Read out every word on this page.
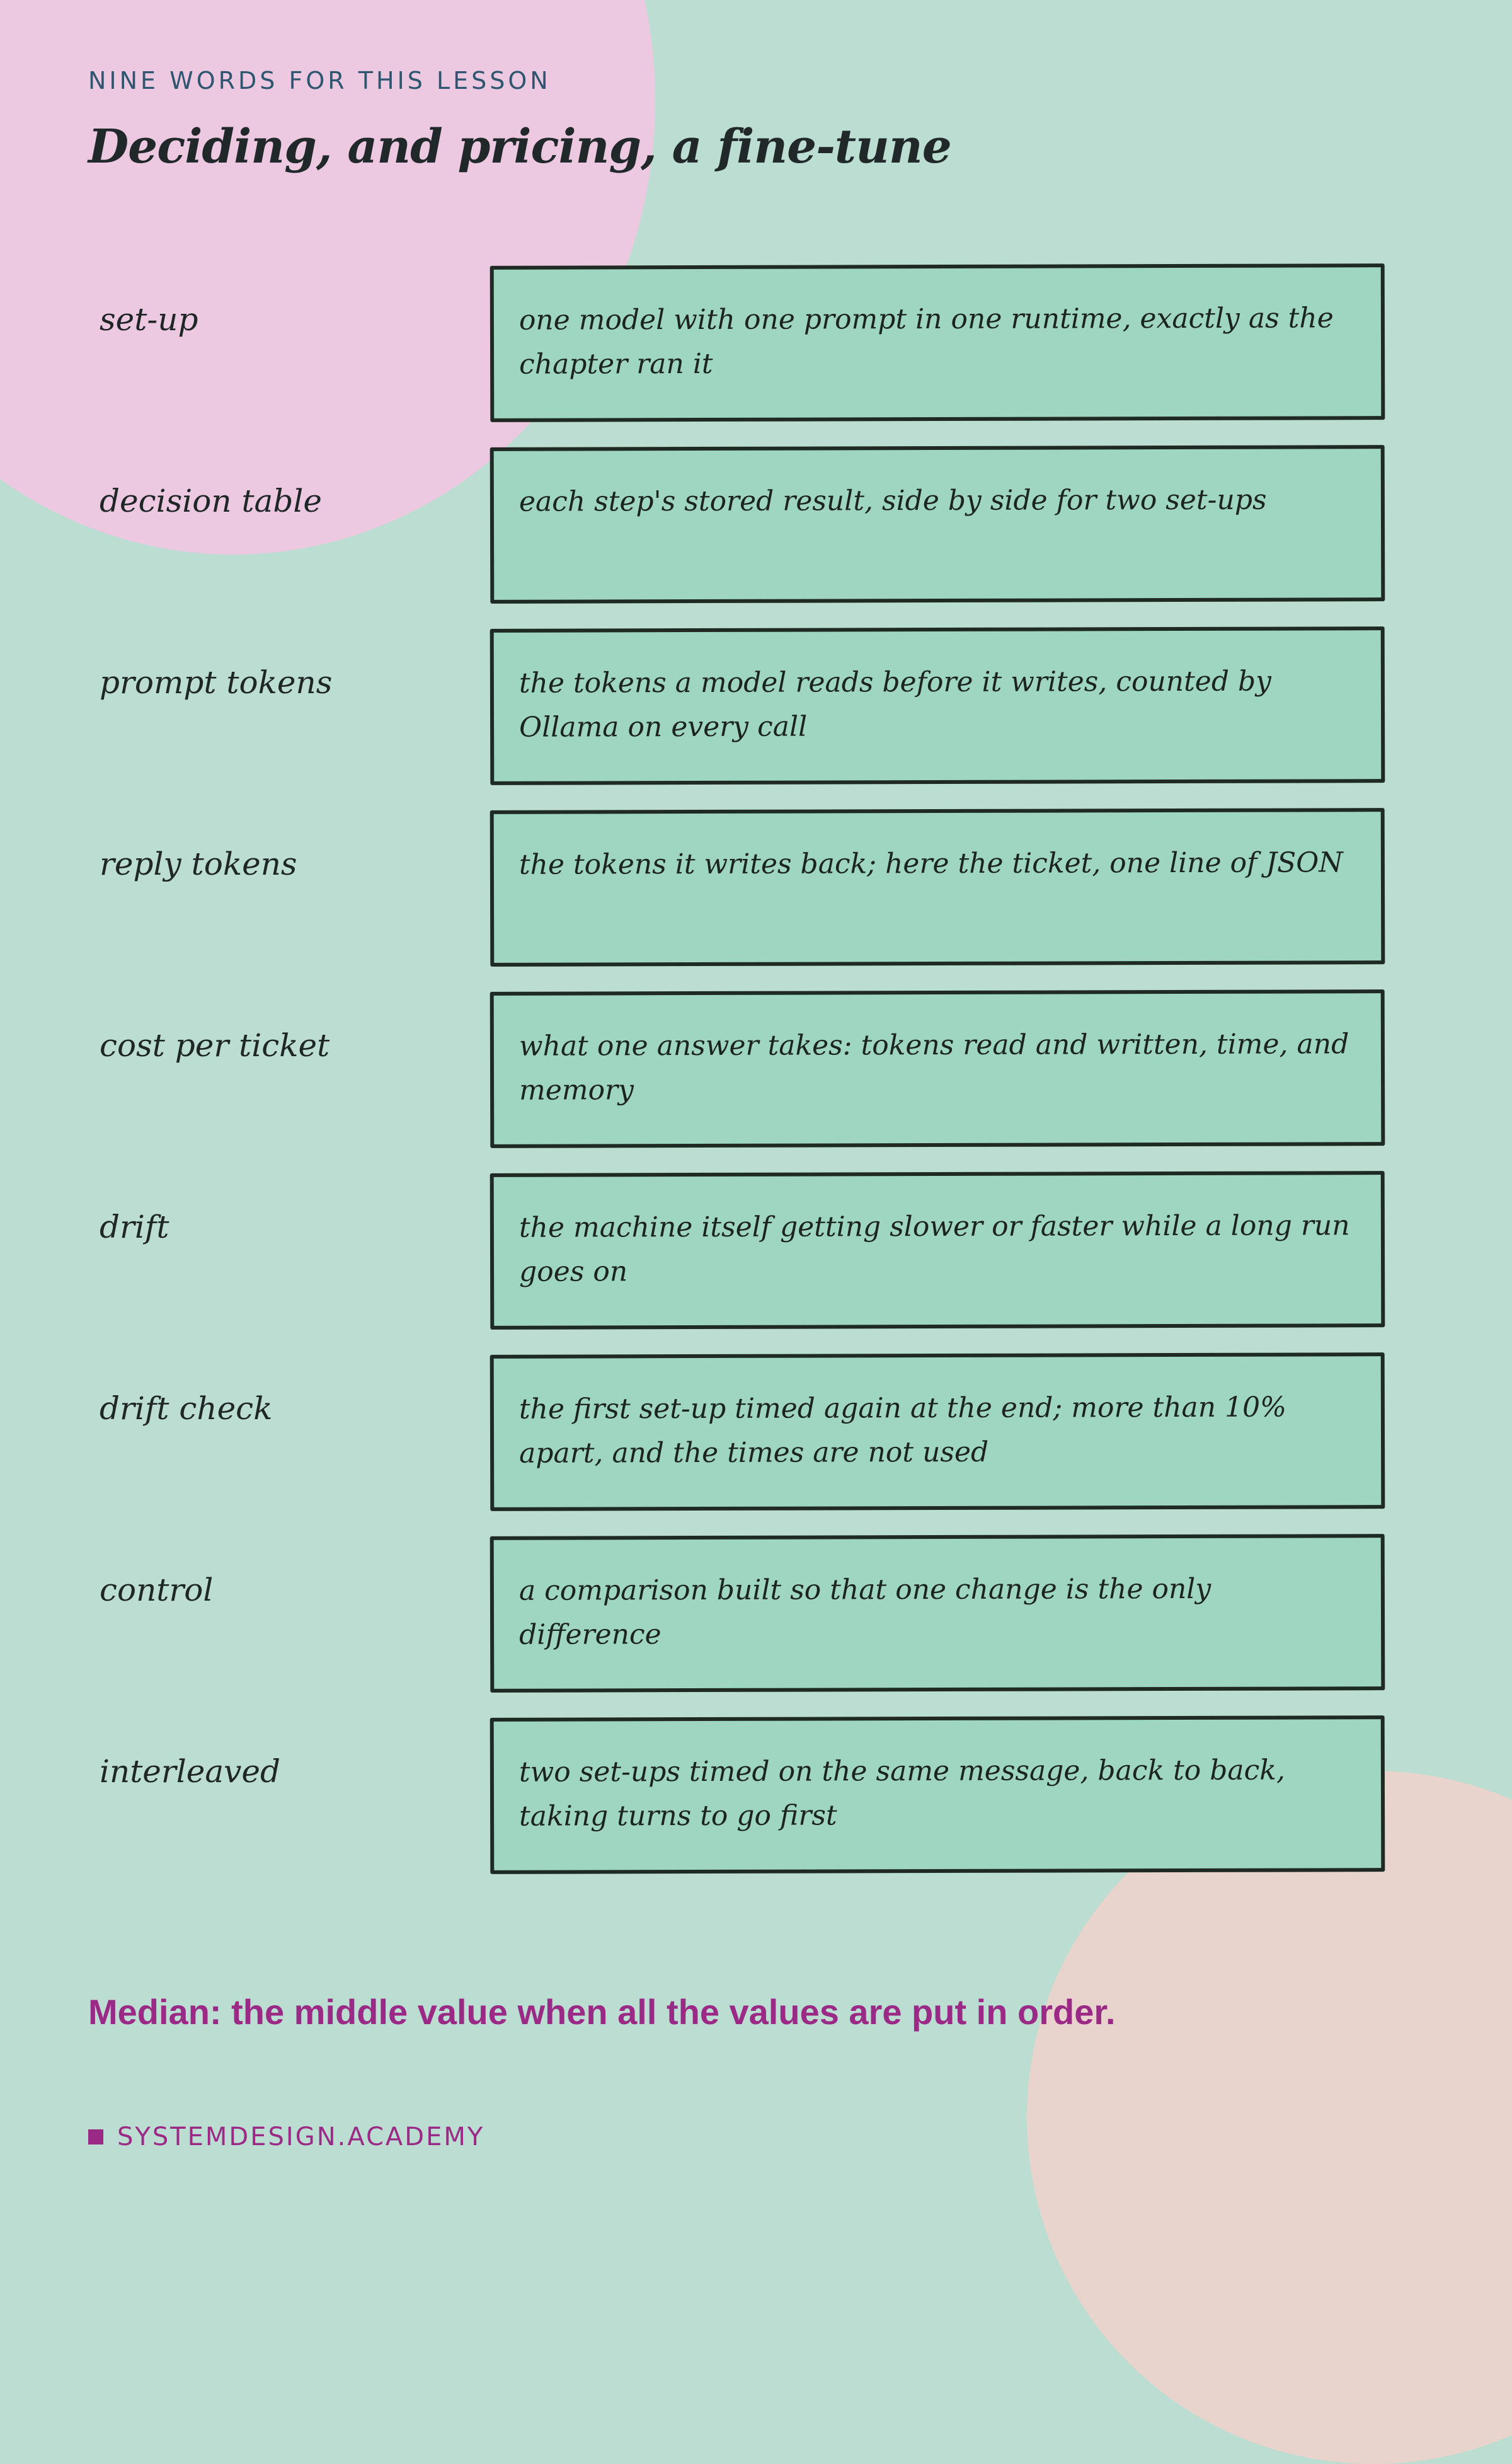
NINE WORDS FOR THIS LESSON
Deciding, and pricing, a fine-tune
set-up	one model with one prompt in one runtime, exactly as the chapter ran it
decision table	each step's stored result, side by side for two set-ups
prompt tokens	the tokens a model reads before it writes, counted by Ollama on every call
reply tokens	the tokens it writes back; here the ticket, one line of JSON
cost per ticket	what one answer takes: tokens read and written, time, and memory
drift	the machine itself getting slower or faster while a long run goes on
drift check	the first set-up timed again at the end; more than 10% apart, and the times are not used
control	a comparison built so that one change is the only difference
interleaved	two set-ups timed on the same message, back to back, taking turns to go first
Median: the middle value when all the values are put in order.
SYSTEMDESIGN.ACADEMY
